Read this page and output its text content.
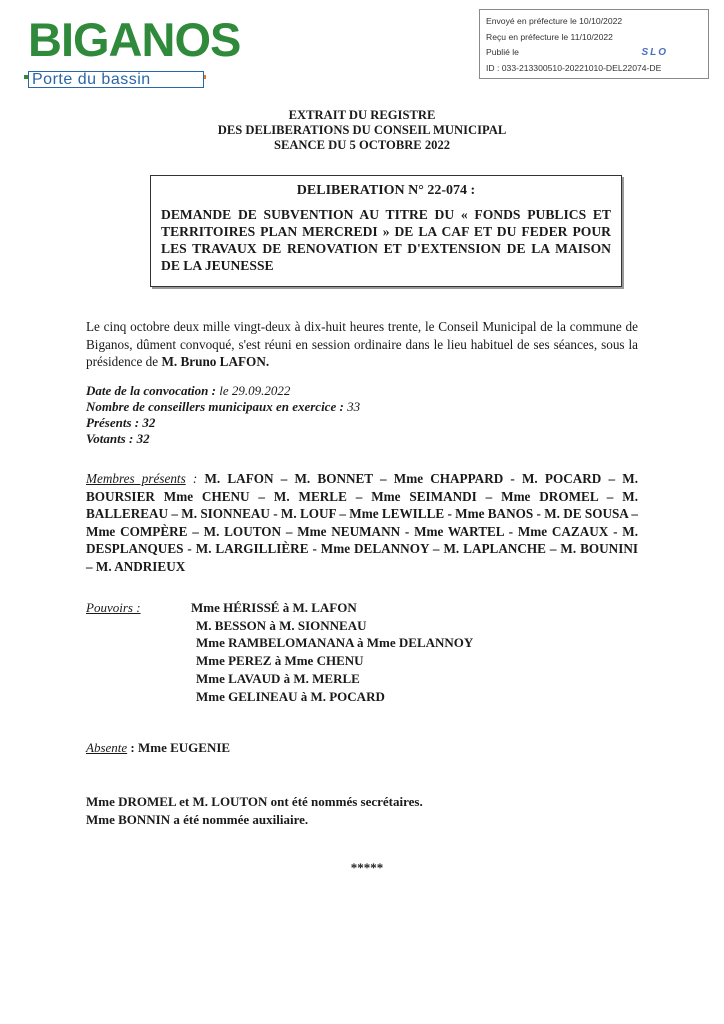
BIGANOS
Porte du bassin
Envoyé en préfecture le 10/10/2022
Reçu en préfecture le 11/10/2022
Publié le	SLO
ID : 033-213300510-20221010-DEL22074-DE
EXTRAIT DU REGISTRE
DES DELIBERATIONS DU CONSEIL MUNICIPAL
SEANCE DU 5 OCTOBRE 2022
DELIBERATION N° 22-074 :
DEMANDE DE SUBVENTION AU TITRE DU « FONDS PUBLICS ET TERRITOIRES PLAN MERCREDI » DE LA CAF ET DU FEDER POUR LES TRAVAUX DE RENOVATION ET D'EXTENSION DE LA MAISON DE LA JEUNESSE
Le cinq octobre deux mille vingt-deux à dix-huit heures trente, le Conseil Municipal de la commune de Biganos, dûment convoqué, s'est réuni en session ordinaire dans le lieu habituel de ses séances, sous la présidence de M. Bruno LAFON.
Date de la convocation : le 29.09.2022
Nombre de conseillers municipaux en exercice : 33
Présents : 32
Votants : 32
Membres présents : M. LAFON – M. BONNET – Mme CHAPPARD - M. POCARD – M. BOURSIER Mme CHENU – M. MERLE – Mme SEIMANDI – Mme DROMEL – M. BALLEREAU – M. SIONNEAU - M. LOUF – Mme LEWILLE - Mme BANOS - M. DE SOUSA – Mme COMPÈRE – M. LOUTON – Mme NEUMANN - Mme WARTEL - Mme CAZAUX - M. DESPLANQUES - M. LARGILLIÈRE - Mme DELANNOY – M. LAPLANCHE – M. BOUNINI – M. ANDRIEUX
Pouvoirs :	Mme HÉRISSÉ à M. LAFON
M. BESSON à M. SIONNEAU
Mme RAMBELOMANANA à Mme DELANNOY
Mme PEREZ à Mme CHENU
Mme LAVAUD à M. MERLE
Mme GELINEAU à M. POCARD
Absente : Mme EUGENIE
Mme DROMEL et M. LOUTON ont été nommés secrétaires.
Mme BONNIN a été nommée auxiliaire.
*****
